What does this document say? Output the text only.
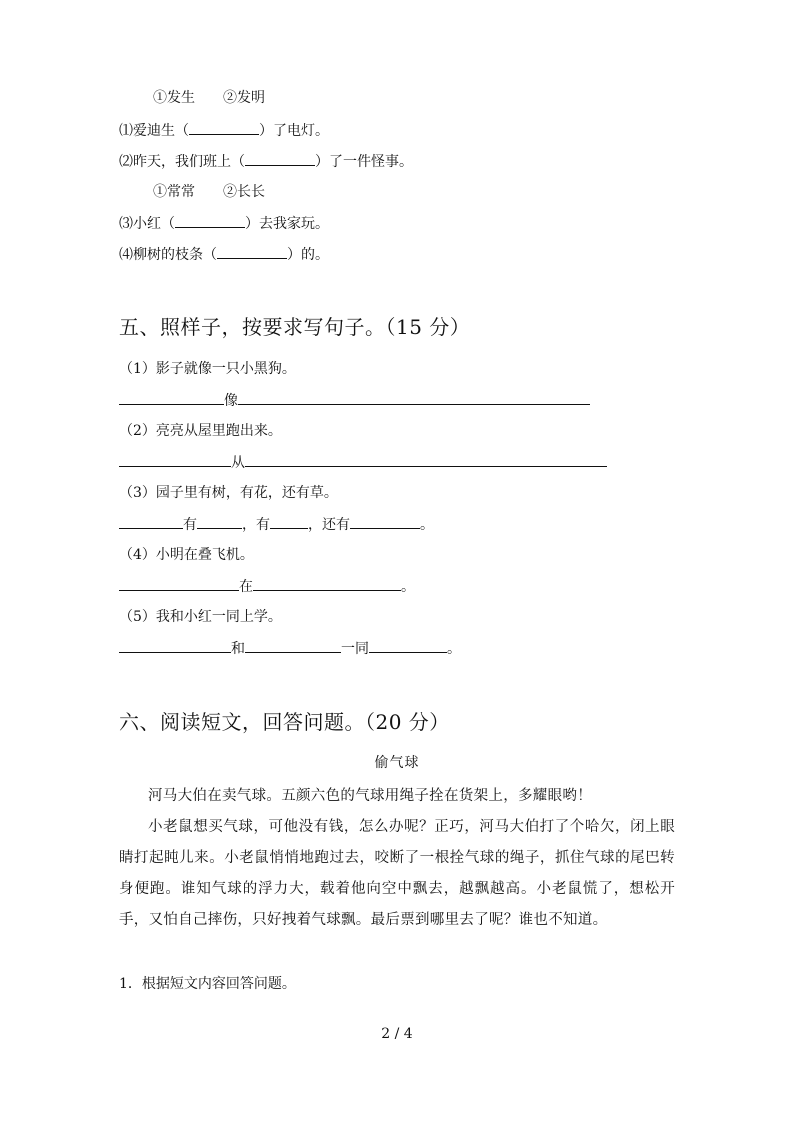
①发生　　②发明
⑴爱迪生（	）了电灯。
⑵昨天，我们班上（	）了一件怪事。
①常常　　②长长
⑶小红（	）去我家玩。
⑷柳树的枝条（	）的。
五、照样子，按要求写句子。（15 分）
（1）影子就像一只小黑狗。
像
（2）亮亮从屋里跑出来。
从
（3）园子里有树，有花，还有草。
有	，有	，还有	。
（4）小明在叠飞机。
在	。
（5）我和小红一同上学。
和	一同	。
六、阅读短文，回答问题。（20 分）
偷气球

河马大伯在卖气球。五颜六色的气球用绳子拴在货架上，多耀眼哟！

小老鼠想买气球，可他没有钱，怎么办呢？正巧，河马大伯打了个哈欠，闭上眼睛打起盹儿来。小老鼠悄悄地跑过去，咬断了一根拴气球的绳子，抓住气球的尾巴转身便跑。谁知气球的浮力大，载着他向空中飘去，越飘越高。小老鼠慌了，想松开手，又怕自己摔伤，只好拽着气球飘。最后票到哪里去了呢？谁也不知道。

1．根据短文内容回答问题。
2 / 4
